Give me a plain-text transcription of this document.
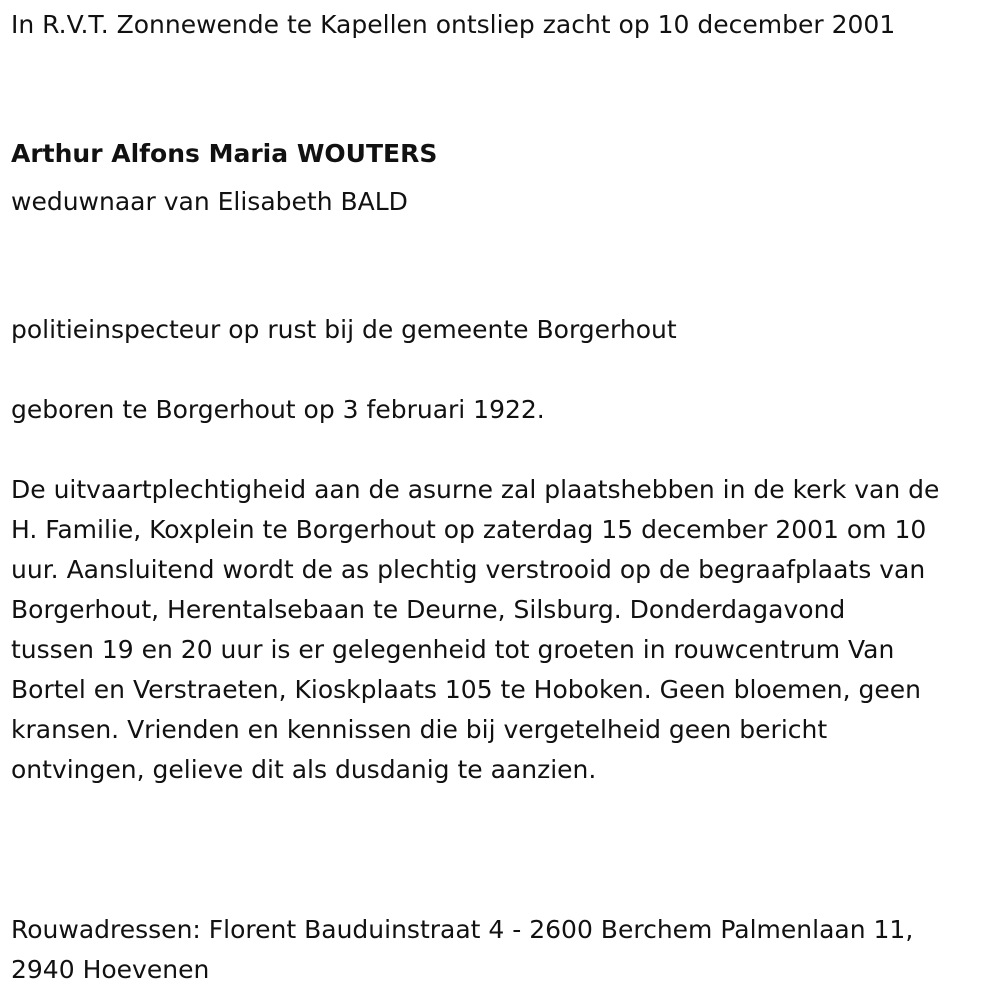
In R.V.T. Zonnewende te Kapellen ontsliep zacht op 10 december 2001

Arthur Alfons Maria WOUTERS

weduwnaar van Elisabeth BALD

politieinspecteur op rust bij de gemeente Borgerhout

geboren te Borgerhout op 3 februari 1922.

De uitvaartplechtigheid aan de asurne zal plaatshebben in de kerk van de
H. Familie, Koxplein te Borgerhout op zaterdag 15 december 2001 om 10
uur. Aansluitend wordt de as plechtig verstrooid op de begraafplaats van
Borgerhout, Herentalsebaan te Deurne, Silsburg. Donderdagavond
tussen 19 en 20 uur is er gelegenheid tot groeten in rouwcentrum Van
Bortel en Verstraeten, Kioskplaats 105 te Hoboken. Geen bloemen, geen
kransen. Vrienden en kennissen die bij vergetelheid geen bericht
ontvingen, gelieve dit als dusdanig te aanzien.
Rouwadressen: Florent Bauduinstraat 4 - 2600 Berchem Palmenlaan 11,
2940 Hoevenen
